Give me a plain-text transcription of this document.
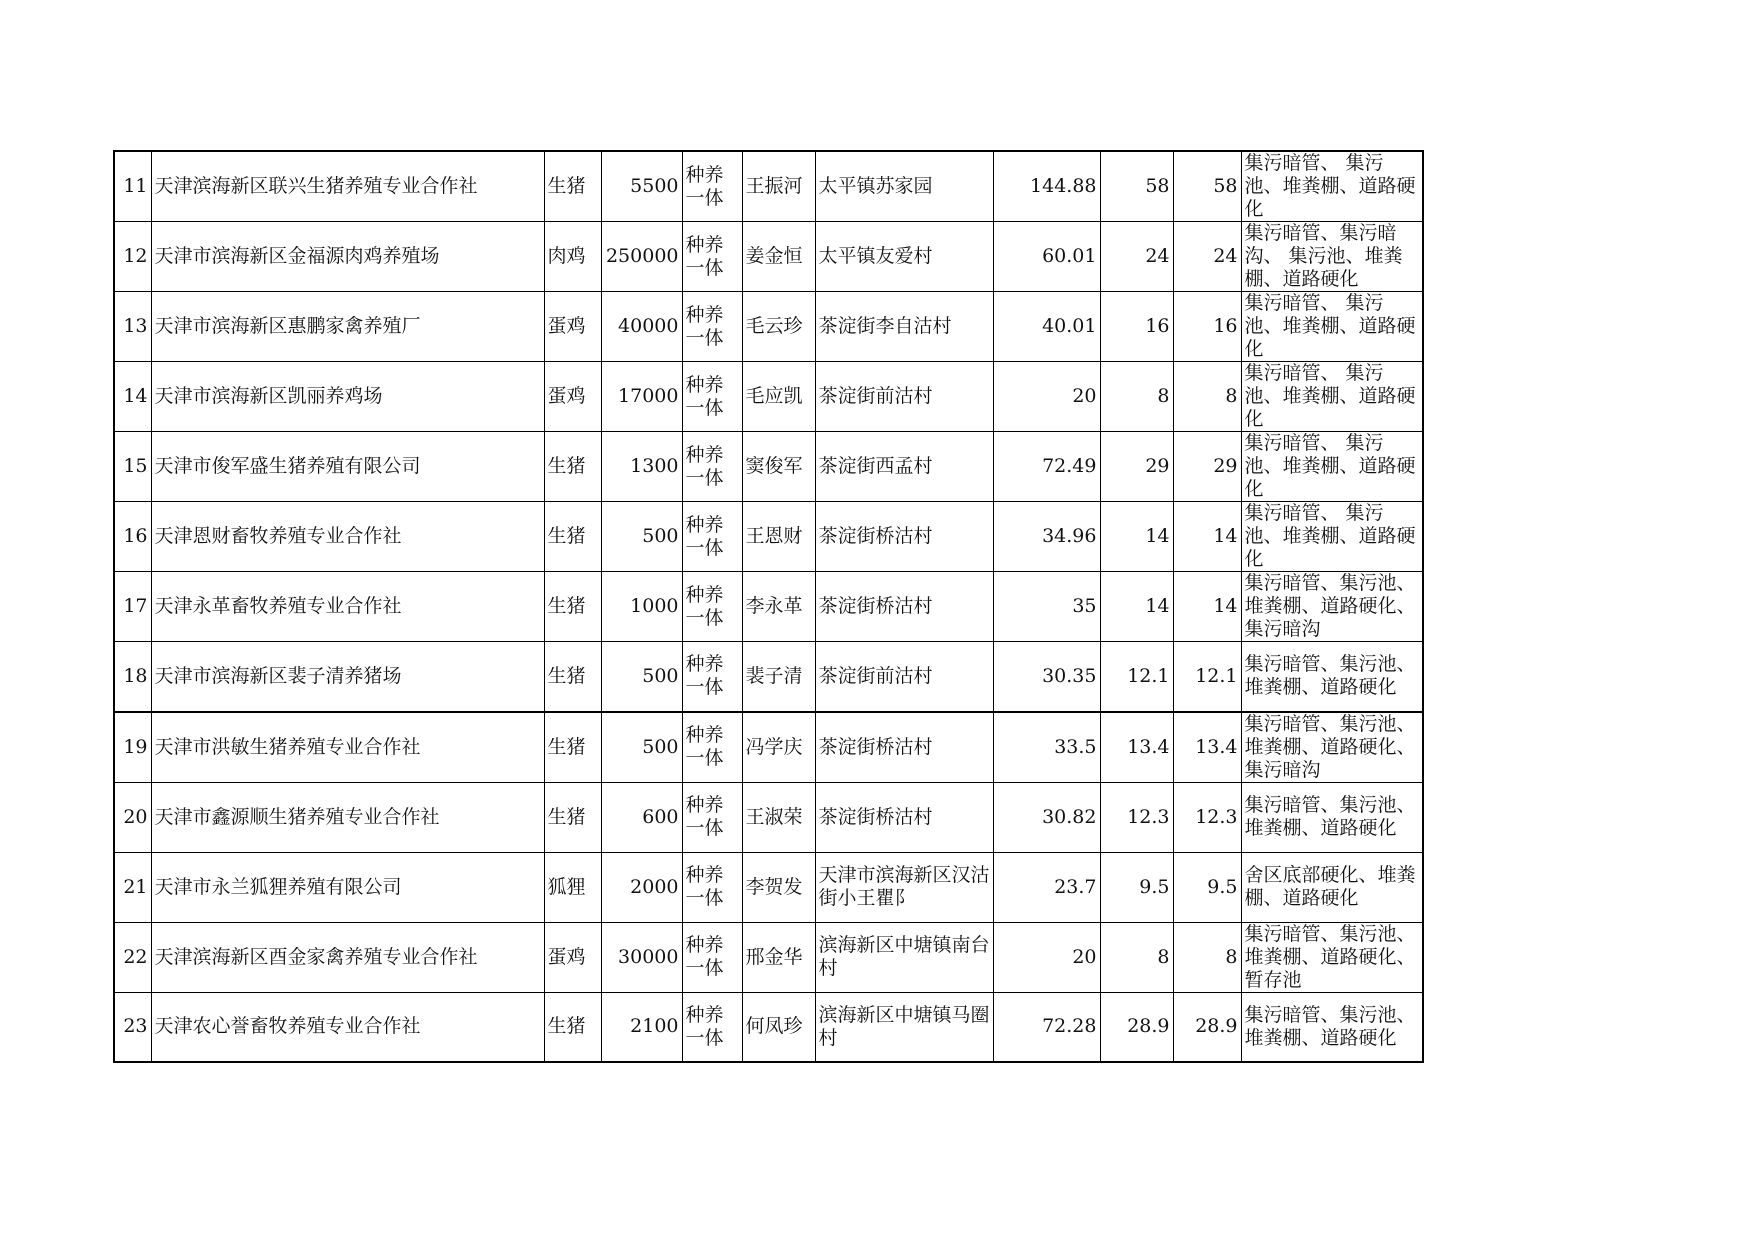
11	天津滨海新区联兴生猪养殖专业合作社	生猪	5500	种养一体	王振河	太平镇苏家园	144.88	58	58	集污暗管、 集污池、堆粪棚、道路硬化
12	天津市滨海新区金福源肉鸡养殖场	肉鸡	250000	种养一体	姜金恒	太平镇友爱村	60.01	24	24	集污暗管、集污暗沟、 集污池、堆粪棚、道路硬化
13	天津市滨海新区惠鹏家禽养殖厂	蛋鸡	40000	种养一体	毛云珍	茶淀街李自沽村	40.01	16	16	集污暗管、 集污池、堆粪棚、道路硬化
14	天津市滨海新区凯丽养鸡场	蛋鸡	17000	种养一体	毛应凯	茶淀街前沽村	20	8	8	集污暗管、 集污池、堆粪棚、道路硬化
15	天津市俊军盛生猪养殖有限公司	生猪	1300	种养一体	窦俊军	茶淀街西孟村	72.49	29	29	集污暗管、 集污池、堆粪棚、道路硬化
16	天津恩财畜牧养殖专业合作社	生猪	500	种养一体	王恩财	茶淀街桥沽村	34.96	14	14	集污暗管、 集污池、堆粪棚、道路硬化
17	天津永革畜牧养殖专业合作社	生猪	1000	种养一体	李永革	茶淀街桥沽村	35	14	14	集污暗管、集污池、堆粪棚、道路硬化、集污暗沟
18	天津市滨海新区裴子清养猪场	生猪	500	种养一体	裴子清	茶淀街前沽村	30.35	12.1	12.1	集污暗管、集污池、堆粪棚、道路硬化
19	天津市洪敏生猪养殖专业合作社	生猪	500	种养一体	冯学庆	茶淀街桥沽村	33.5	13.4	13.4	集污暗管、集污池、堆粪棚、道路硬化、集污暗沟
20	天津市鑫源顺生猪养殖专业合作社	生猪	600	种养一体	王淑荣	茶淀街桥沽村	30.82	12.3	12.3	集污暗管、集污池、堆粪棚、道路硬化
21	天津市永兰狐狸养殖有限公司	狐狸	2000	种养一体	李贺发	天津市滨海新区汉沽街小王瞿阝	23.7	9.5	9.5	舍区底部硬化、堆粪棚、道路硬化
22	天津滨海新区酉金家禽养殖专业合作社	蛋鸡	30000	种养一体	邢金华	滨海新区中塘镇南台村	20	8	8	集污暗管、集污池、堆粪棚、道路硬化、暂存池
23	天津农心誉畜牧养殖专业合作社	生猪	2100	种养一体	何凤珍	滨海新区中塘镇马圈村	72.28	28.9	28.9	集污暗管、集污池、堆粪棚、道路硬化
